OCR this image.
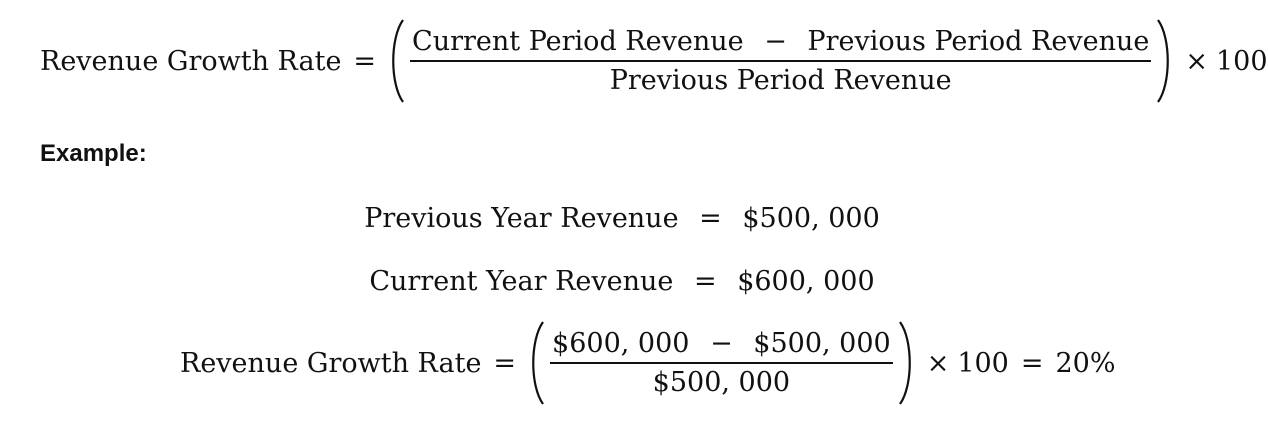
Revenue Growth Rate = $\frac{\text{Current Period Revenue − Previous Period Revenue}}{\text{Previous Period Revenue}} \times 100$
Example:
Previous Year Revenue = $500, 000
Current Year Revenue = $600, 000
Revenue Growth Rate = $\frac{\$600, 000 - \$500, 000}{\$500, 000} \times 100 = 20\%$
